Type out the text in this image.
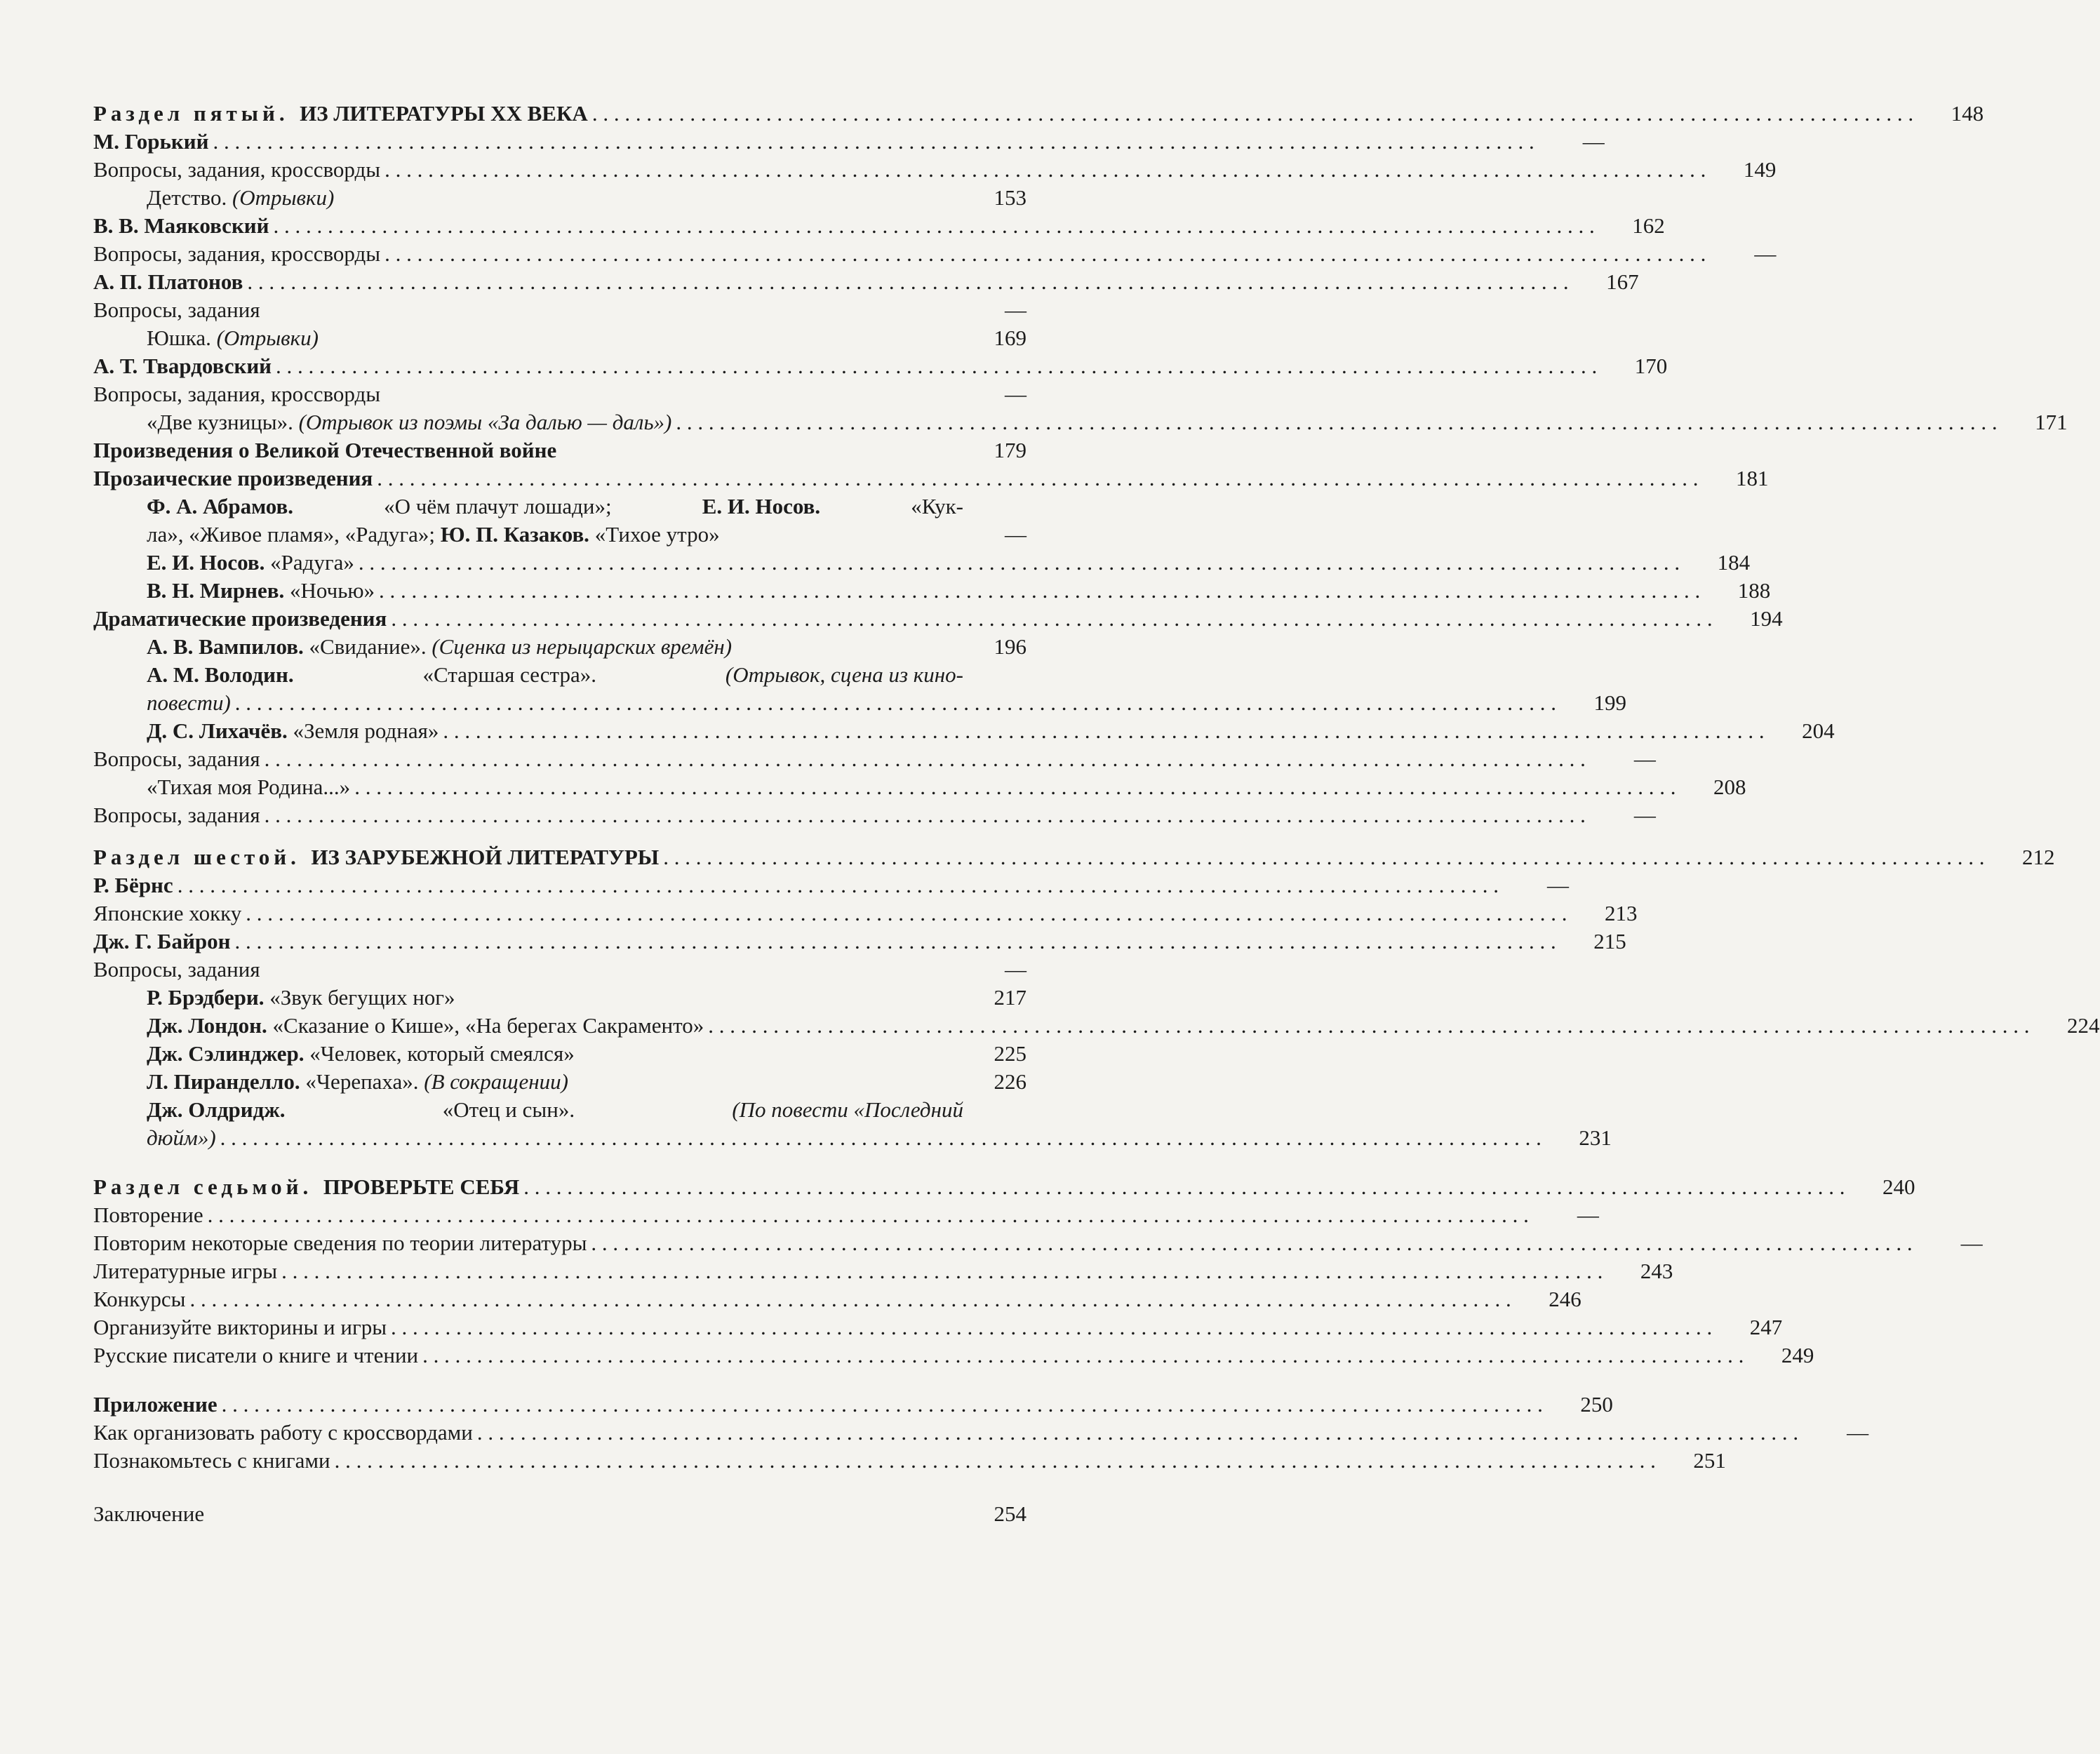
Раздел пятый. ИЗ ЛИТЕРАТУРЫ XX ВЕКА . . .	148
М. Горький . . .	—
Вопросы, задания, кроссворды . . .	149
Детство. (Отрывки)	153
В. В. Маяковский . . .	162
Вопросы, задания, кроссворды . . .	—
А. П. Платонов . . .	167
Вопросы, задания	—
Юшка. (Отрывки)	169
А. Т. Твардовский . . .	170
Вопросы, задания, кроссворды	—
«Две кузницы». (Отрывок из поэмы «За далью — даль») . . .	171
Произведения о Великой Отечественной войне	179
Прозаические произведения . . .	181
Ф. А. Абрамов.	«О чём плачут лошади»;	Е. И. Носов.	«Кук-
ла», «Живое пламя», «Радуга»; Ю. П. Казаков. «Тихое утро»	—
Е. И. Носов. «Радуга» . . .	184
В. Н. Мирнев. «Ночью» . . .	188
Драматические произведения . . .	194
А. В. Вампилов. «Свидание». (Сценка из нерыцарских времён)	196
А. М. Володин.	«Старшая сестра».	(Отрывок, сцена из кино-
повести) . . .	199
Д. С. Лихачёв. «Земля родная» . . .	204
Вопросы, задания . . .	—
«Тихая моя Родина...» . . .	208
Вопросы, задания . . .	—
Раздел шестой. ИЗ ЗАРУБЕЖНОЙ ЛИТЕРАТУРЫ . . .	212
Р. Бёрнс . . .	—
Японские хокку . . .	213
Дж. Г. Байрон . . .	215
Вопросы, задания	—
Р. Брэдбери. «Звук бегущих ног»	217
Дж. Лондон. «Сказание о Кише», «На берегах Сакраменто» . . .	224
Дж. Сэлинджер. «Человек, который смеялся»	225
Л. Пиранделло. «Черепаха». (В сокращении)	226
Дж. Олдридж.	«Отец и сын».	(По повести «Последний
дюйм») . . .	231
Раздел седьмой. ПРОВЕРЬТЕ СЕБЯ . . .	240
Повторение . . .	—
Повторим некоторые сведения по теории литературы . . .	—
Литературные игры . . .	243
Конкурсы . . .	246
Организуйте викторины и игры . . .	247
Русские писатели о книге и чтении . . .	249
Приложение . . .	250
Как организовать работу с кроссвордами . . .	—
Познакомьтесь с книгами . . .	251
Заключение	254
